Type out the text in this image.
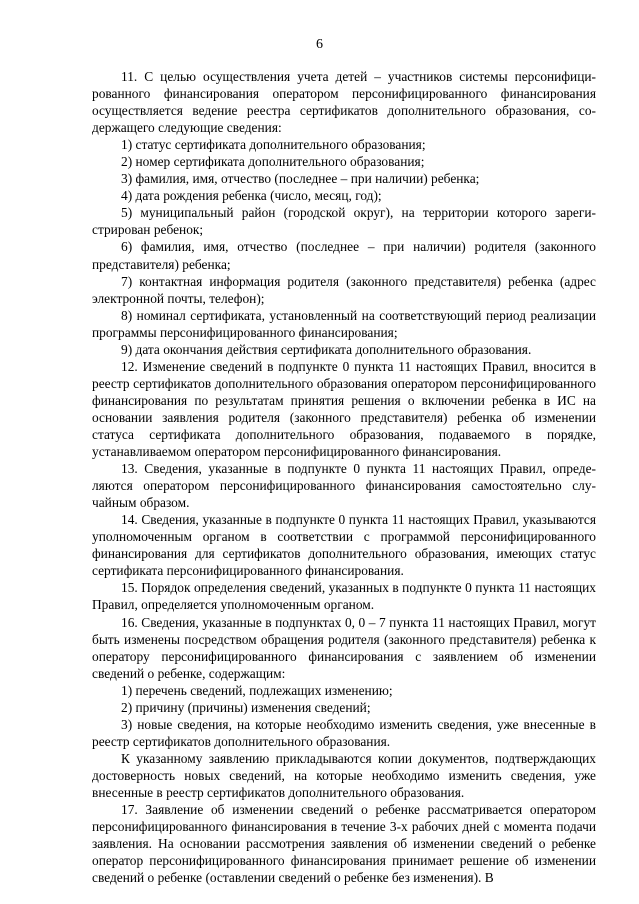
6

11. С целью осуществления учета детей – участников системы персонифицированного финансирования оператором персонифицированного финансирования осуществляется ведение реестра сертификатов дополнительного образования, содержащего следующие сведения:

1) статус сертификата дополнительного образования;

2) номер сертификата дополнительного образования;

3) фамилия, имя, отчество (последнее – при наличии) ребенка;

4) дата рождения ребенка (число, месяц, год);

5) муниципальный район (городской округ), на территории которого зарегистрирован ребенок;

6) фамилия, имя, отчество (последнее – при наличии) родителя (законного представителя) ребенка;

7) контактная информация родителя (законного представителя) ребенка (адрес электронной почты, телефон);

8) номинал сертификата, установленный на соответствующий период реализации программы персонифицированного финансирования;

9) дата окончания действия сертификата дополнительного образования.

12. Изменение сведений в подпункте 0 пункта 11 настоящих Правил, вносится в реестр сертификатов дополнительного образования оператором персонифицированного финансирования по результатам принятия решения о включении ребенка в ИС на основании заявления родителя (законного представителя) ребенка об изменении статуса сертификата дополнительного образования, подаваемого в порядке, устанавливаемом оператором персонифицированного финансирования.

13. Сведения, указанные в подпункте 0 пункта 11 настоящих Правил, определяются оператором персонифицированного финансирования самостоятельно случайным образом.

14. Сведения, указанные в подпункте 0 пункта 11 настоящих Правил, указываются уполномоченным органом в соответствии с программой персонифицированного финансирования для сертификатов дополнительного образования, имеющих статус сертификата персонифицированного финансирования.

15. Порядок определения сведений, указанных в подпункте 0 пункта 11 настоящих Правил, определяется уполномоченным органом.

16. Сведения, указанные в подпунктах 0, 0 – 7 пункта 11 настоящих Правил, могут быть изменены посредством обращения родителя (законного представителя) ребенка к оператору персонифицированного финансирования с заявлением об изменении сведений о ребенке, содержащим:

1) перечень сведений, подлежащих изменению;

2) причину (причины) изменения сведений;

3) новые сведения, на которые необходимо изменить сведения, уже внесенные в реестр сертификатов дополнительного образования.

К указанному заявлению прикладываются копии документов, подтверждающих достоверность новых сведений, на которые необходимо изменить сведения, уже внесенные в реестр сертификатов дополнительного образования.

17. Заявление об изменении сведений о ребенке рассматривается оператором персонифицированного финансирования в течение 3-х рабочих дней с момента подачи заявления. На основании рассмотрения заявления об изменении сведений о ребенке оператор персонифицированного финансирования принимает решение об изменении сведений о ребенке (оставлении сведений о ребенке без изменения). В
